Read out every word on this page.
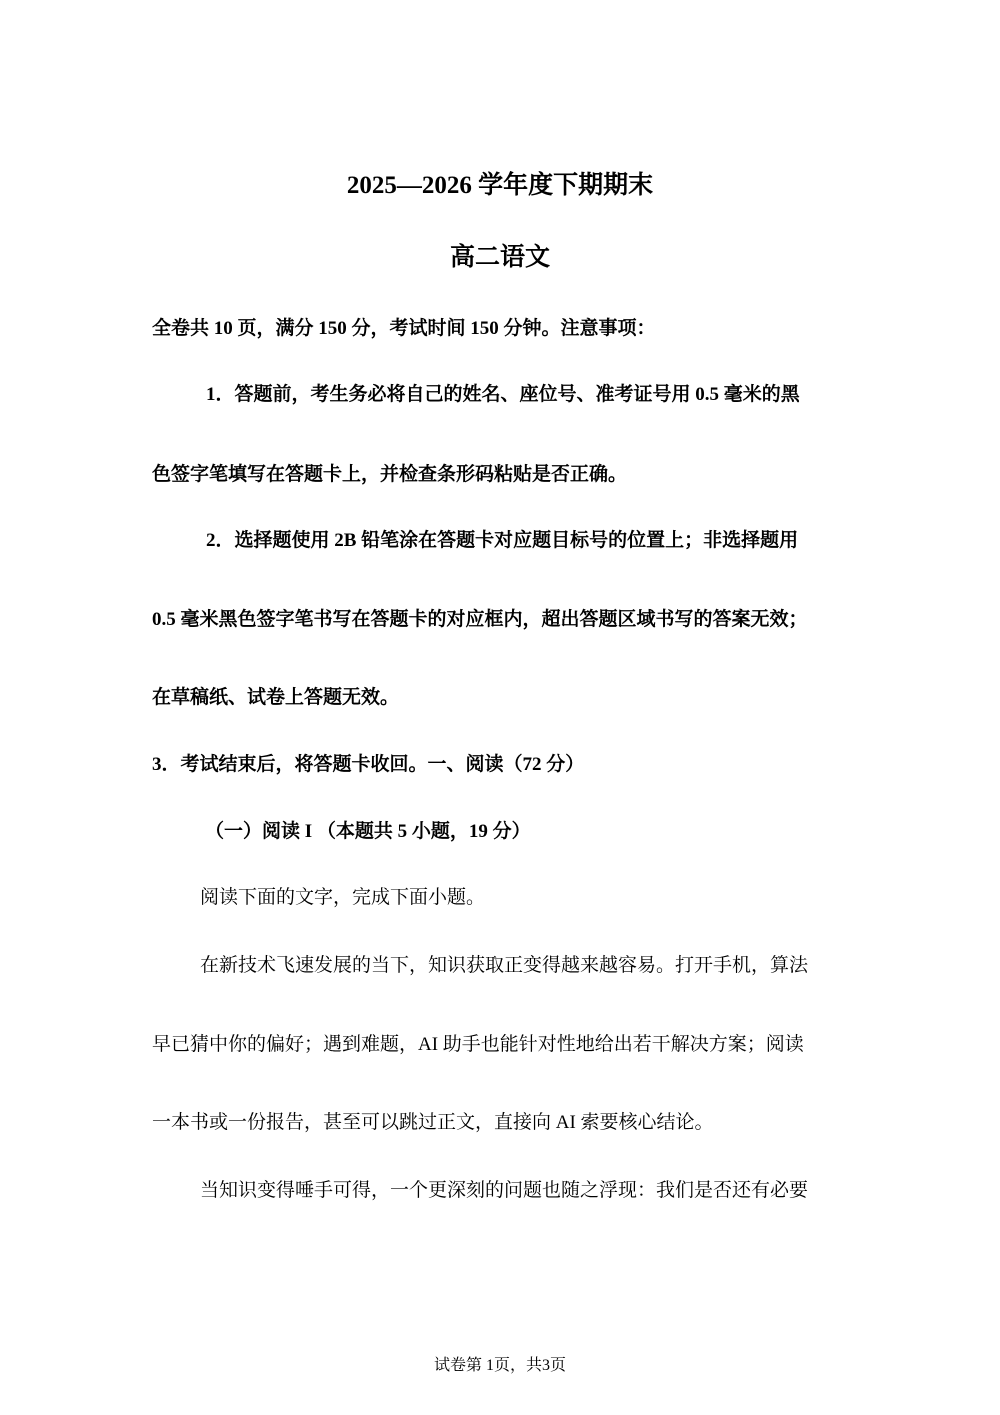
2025—2026 学年度下期期末
高二语文
全卷共 10 页，满分 150 分，考试时间 150 分钟。注意事项：
1．答题前，考生务必将自己的姓名、座位号、准考证号用 0.5 毫米的黑
色签字笔填写在答题卡上，并检查条形码粘贴是否正确。
2．选择题使用 2B 铅笔涂在答题卡对应题目标号的位置上；非选择题用
0.5 毫米黑色签字笔书写在答题卡的对应框内，超出答题区域书写的答案无效；
在草稿纸、试卷上答题无效。
3．考试结束后，将答题卡收回。一、阅读（72 分）
（一）阅读 I （本题共 5 小题，19 分）
阅读下面的文字，完成下面小题。
在新技术飞速发展的当下，知识获取正变得越来越容易。打开手机，算法
早已猜中你的偏好；遇到难题，AI 助手也能针对性地给出若干解决方案；阅读
一本书或一份报告，甚至可以跳过正文，直接向 AI 索要核心结论。
当知识变得唾手可得，一个更深刻的问题也随之浮现：我们是否还有必要
试卷第 1页，共3页
